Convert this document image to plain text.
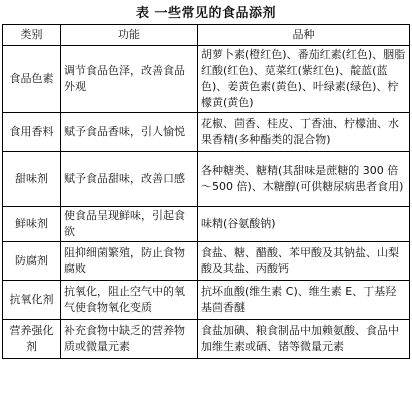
表 一些常见的食品添剂
类别	功能	品种
食品色素	调节食品色泽，改善食品外观	胡萝卜素(橙红色)、番茄红素(红色)、胭脂红酸(红色)、苋菜红(紫红色)、靛蓝(蓝色)、姜黄色素(黄色)、叶绿素(绿色)、柠檬黄(黄色)
食用香料	赋予食品香味，引人愉悦	花椒、茴香、桂皮、丁香油、柠檬油、水果香精(多种酯类的混合物)
甜味剂	赋予食品甜味，改善口感	各种糖类、糖精(其甜味是蔗糖的 300 倍～500 倍)、木糖醇(可供糖尿病患者食用)
鲜味剂	使食品呈现鲜味，引起食欲	味精(谷氨酸钠)
防腐剂	阻抑细菌繁殖，防止食物腐败	食盐、糖、醋酸、苯甲酸及其钠盐、山梨酸及其盐、丙酸钙
抗氧化剂	抗氧化，阻止空气中的氧气使食物氧化变质	抗坏血酸(维生素 C)、维生素 E、丁基羟基茴香醚
营养强化剂	补充食物中缺乏的营养物质或微量元素	食盐加碘、粮食制品中加赖氨酸、食品中加维生素或硒、锗等微量元素
